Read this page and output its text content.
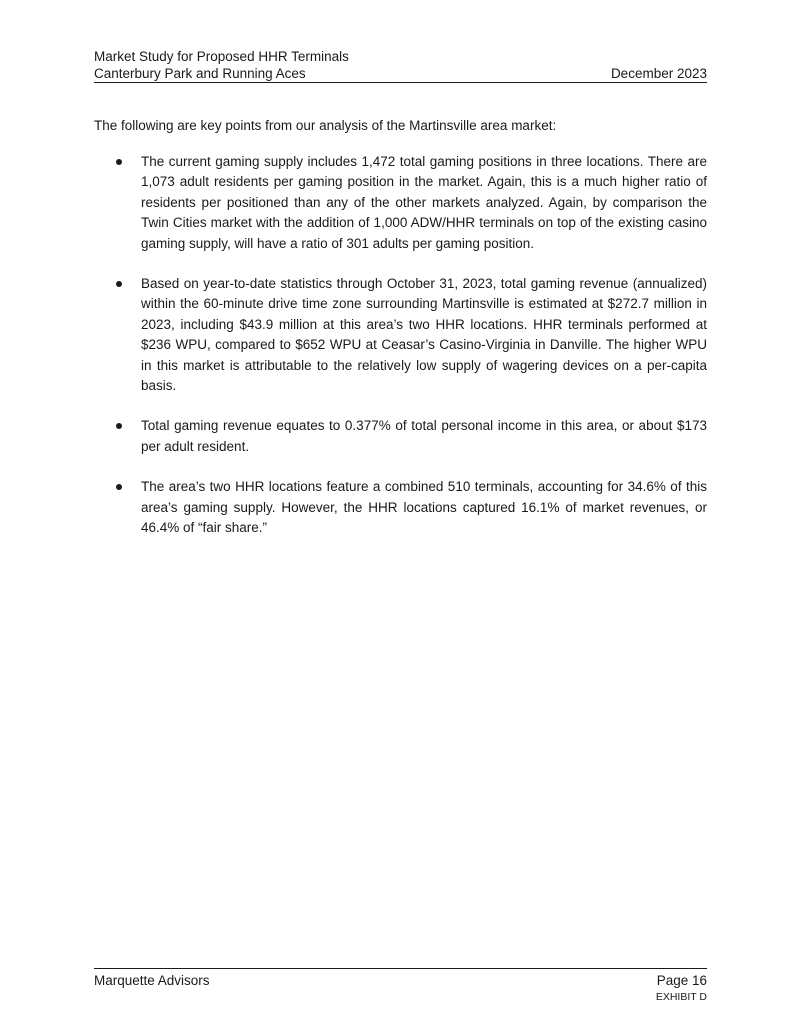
Market Study for Proposed HHR Terminals
Canterbury Park and Running Aces	December 2023

The following are key points from our analysis of the Martinsville area market:

The current gaming supply includes 1,472 total gaming positions in three locations. There are 1,073 adult residents per gaming position in the market. Again, this is a much higher ratio of residents per positioned than any of the other markets analyzed. Again, by comparison the Twin Cities market with the addition of 1,000 ADW/HHR terminals on top of the existing casino gaming supply, will have a ratio of 301 adults per gaming position.
Based on year-to-date statistics through October 31, 2023, total gaming revenue (annualized) within the 60-minute drive time zone surrounding Martinsville is estimated at $272.7 million in 2023, including $43.9 million at this area’s two HHR locations. HHR terminals performed at $236 WPU, compared to $652 WPU at Ceasar’s Casino-Virginia in Danville. The higher WPU in this market is attributable to the relatively low supply of wagering devices on a per-capita basis.
Total gaming revenue equates to 0.377% of total personal income in this area, or about $173 per adult resident.
The area’s two HHR locations feature a combined 510 terminals, accounting for 34.6% of this area’s gaming supply. However, the HHR locations captured 16.1% of market revenues, or 46.4% of “fair share.”
Marquette Advisors	Page 16
EXHIBIT D
